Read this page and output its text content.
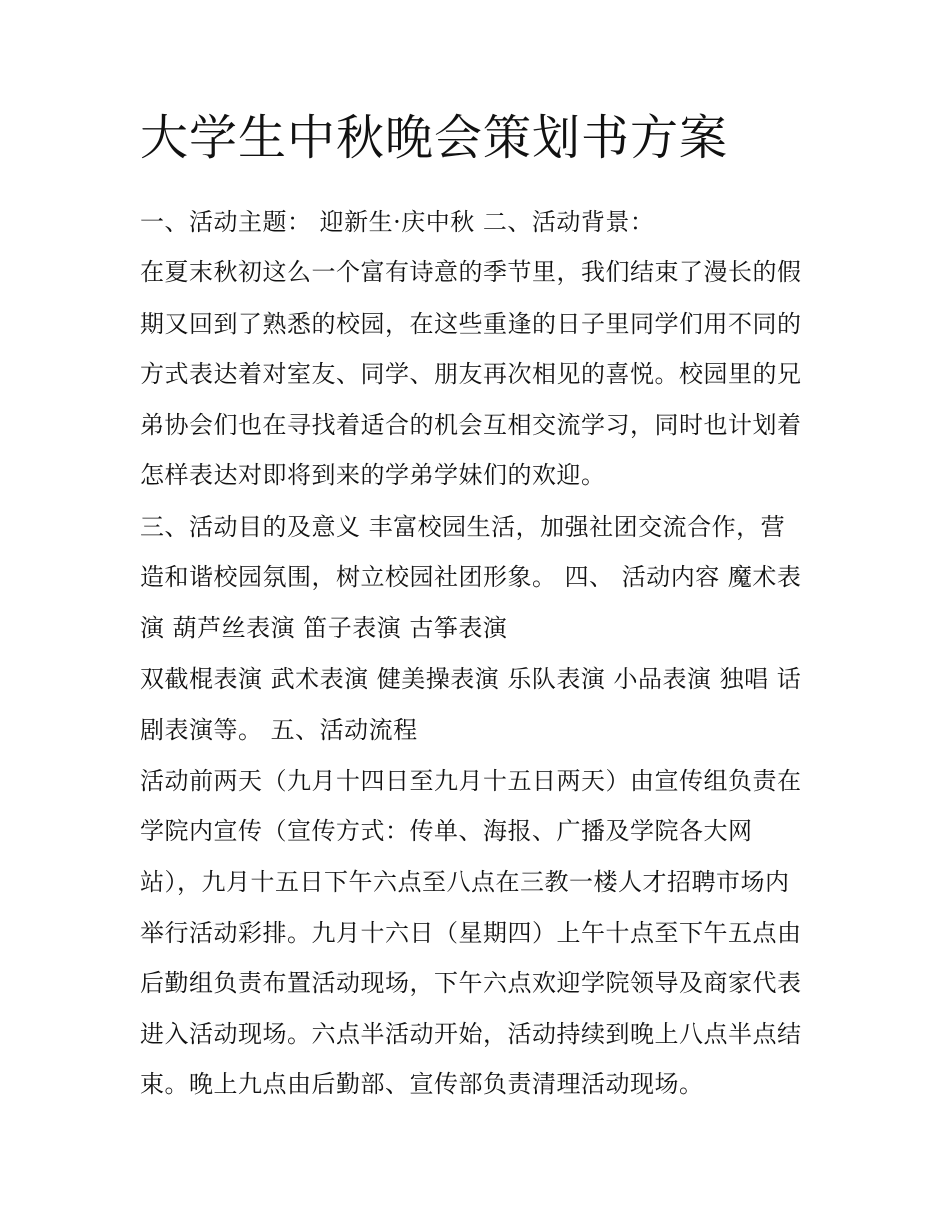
大学生中秋晚会策划书方案

一、活动主题： 迎新生·庆中秋 二、活动背景：

在夏末秋初这么一个富有诗意的季节里，我们结束了漫长的假

期又回到了熟悉的校园，在这些重逢的日子里同学们用不同的

方式表达着对室友、同学、朋友再次相见的喜悦。校园里的兄

弟协会们也在寻找着适合的机会互相交流学习，同时也计划着

怎样表达对即将到来的学弟学妹们的欢迎。

三、活动目的及意义 丰富校园生活，加强社团交流合作，营

造和谐校园氛围，树立校园社团形象。 四、 活动内容 魔术表

演 葫芦丝表演 笛子表演 古筝表演

双截棍表演 武术表演 健美操表演 乐队表演 小品表演 独唱 话

剧表演等。 五、活动流程

活动前两天（九月十四日至九月十五日两天）由宣传组负责在

学院内宣传（宣传方式：传单、海报、广播及学院各大网

站），九月十五日下午六点至八点在三教一楼人才招聘市场内

举行活动彩排。九月十六日（星期四）上午十点至下午五点由

后勤组负责布置活动现场，下午六点欢迎学院领导及商家代表

进入活动现场。六点半活动开始，活动持续到晚上八点半点结

束。晚上九点由后勤部、宣传部负责清理活动现场。
